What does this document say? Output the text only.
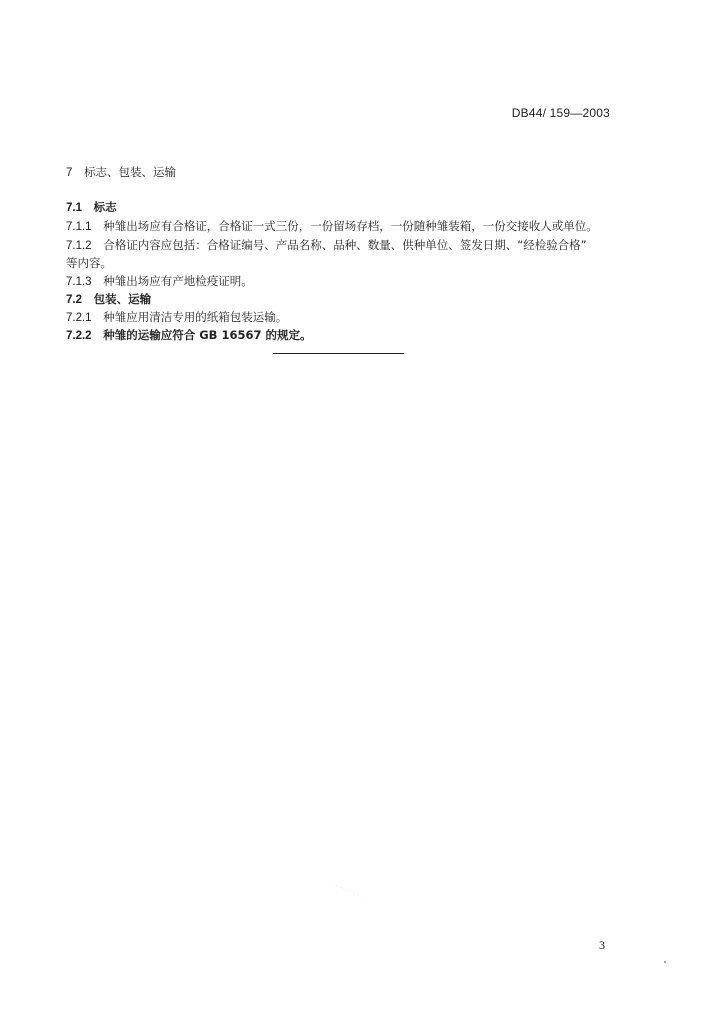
DB44/ 159—2003
7 标志、包装、运输
7.1 标志
7.1.1 种雏出场应有合格证，合格证一式三份，一份留场存档，一份随种雏装箱，一份交接收人或单位。
7.1.2 合格证内容应包括：合格证编号、产品名称、品种、数量、供种单位、签发日期、“经检验合格”
等内容。
7.1.3 种雏出场应有产地检疫证明。
7.2 包装、运输
7.2.1 种雏应用清洁专用的纸箱包装运输。
7.2.2 种雏的运输应符合 GB 16567 的规定。
· · · · · · · · · · ·
3
